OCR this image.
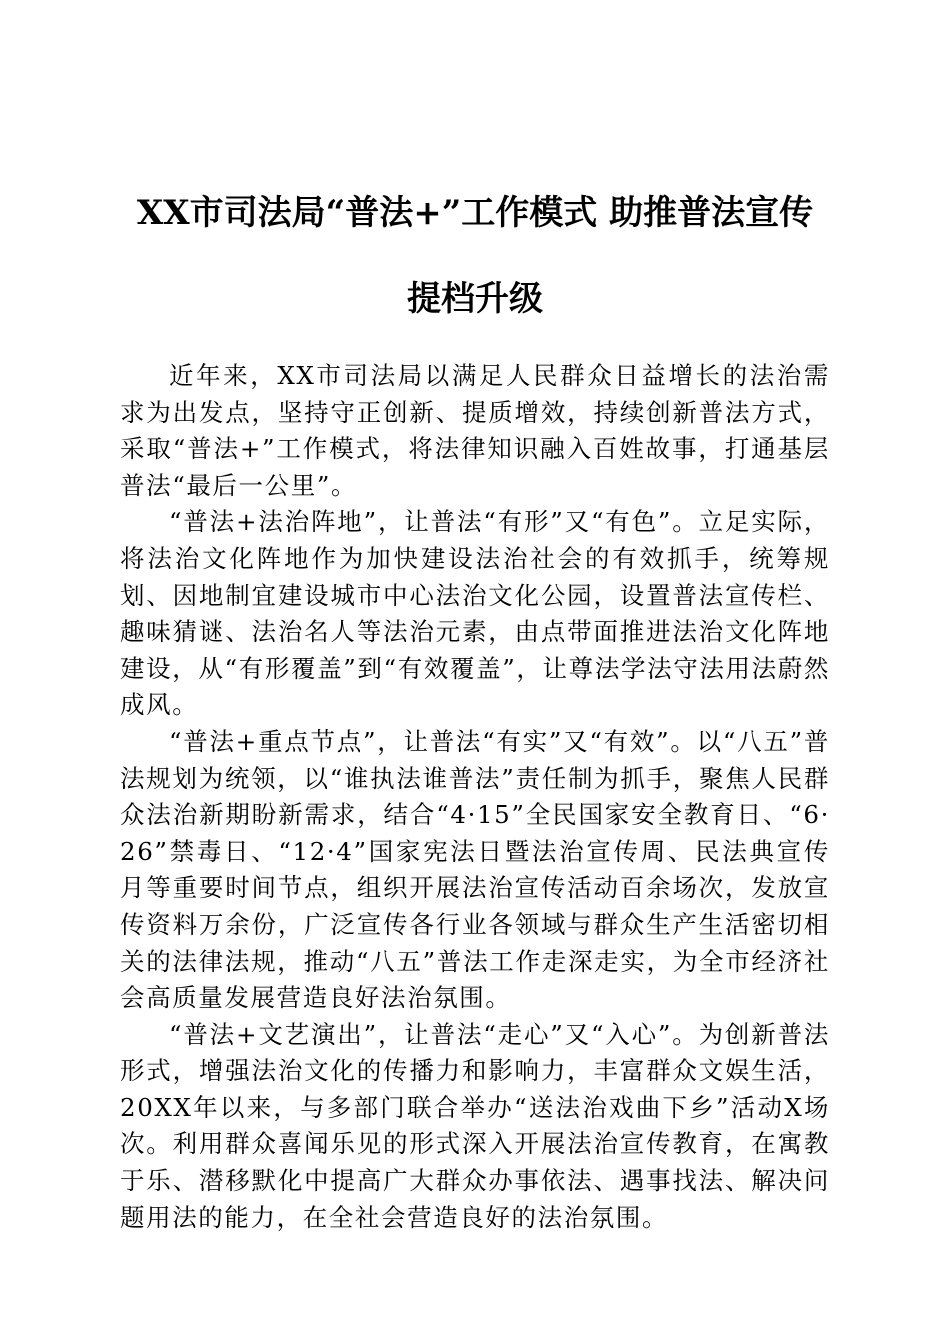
XX市司法局“普法+”工作模式 助推普法宣传
提档升级

近年来，XX市司法局以满足人民群众日益增长的法治需求为出发点，坚持守正创新、提质增效，持续创新普法方式，采取“普法+”工作模式，将法律知识融入百姓故事，打通基层普法“最后一公里”。

“普法+法治阵地”，让普法“有形”又“有色”。立足实际，将法治文化阵地作为加快建设法治社会的有效抓手，统筹规划、因地制宜建设城市中心法治文化公园，设置普法宣传栏、趣味猜谜、法治名人等法治元素，由点带面推进法治文化阵地建设，从“有形覆盖”到“有效覆盖”，让尊法学法守法用法蔚然成风。

“普法+重点节点”，让普法“有实”又“有效”。以“八五”普法规划为统领，以“谁执法谁普法”责任制为抓手，聚焦人民群众法治新期盼新需求，结合“4·15”全民国家安全教育日、“6·26”禁毒日、“12·4”国家宪法日暨法治宣传周、民法典宣传月等重要时间节点，组织开展法治宣传活动百余场次，发放宣传资料万余份，广泛宣传各行业各领域与群众生产生活密切相关的法律法规，推动“八五”普法工作走深走实，为全市经济社会高质量发展营造良好法治氛围。

“普法+文艺演出”，让普法“走心”又“入心”。为创新普法形式，增强法治文化的传播力和影响力，丰富群众文娱生活，20XX年以来，与多部门联合举办“送法治戏曲下乡”活动X场次。利用群众喜闻乐见的形式深入开展法治宣传教育，在寓教于乐、潜移默化中提高广大群众办事依法、遇事找法、解决问题用法的能力，在全社会营造良好的法治氛围。
